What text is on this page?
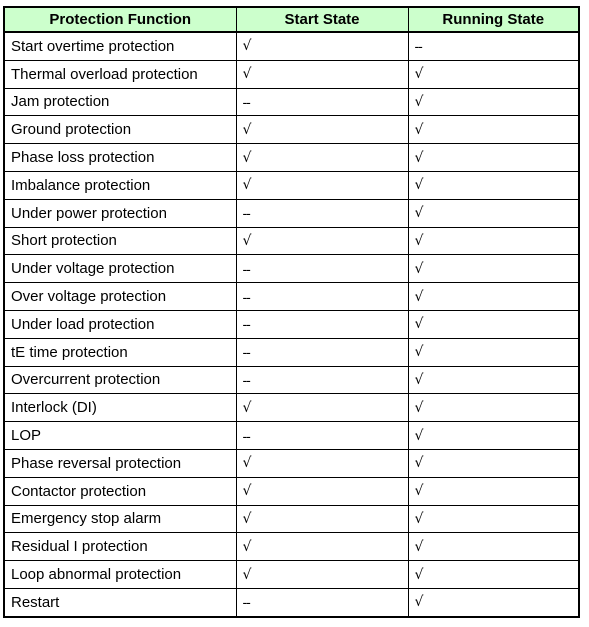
Protection Function	Start State	Running State
Start overtime protection	√	--
Thermal overload protection	√	√
Jam protection	--	√
Ground protection	√	√
Phase loss protection	√	√
Imbalance protection	√	√
Under power protection	--	√
Short protection	√	√
Under voltage protection	--	√
Over voltage protection	--	√
Under load protection	--	√
tE time protection	--	√
Overcurrent protection	--	√
Interlock (DI)	√	√
LOP	--	√
Phase reversal protection	√	√
Contactor protection	√	√
Emergency stop alarm	√	√
Residual I protection	√	√
Loop abnormal protection	√	√
Restart	--	√
